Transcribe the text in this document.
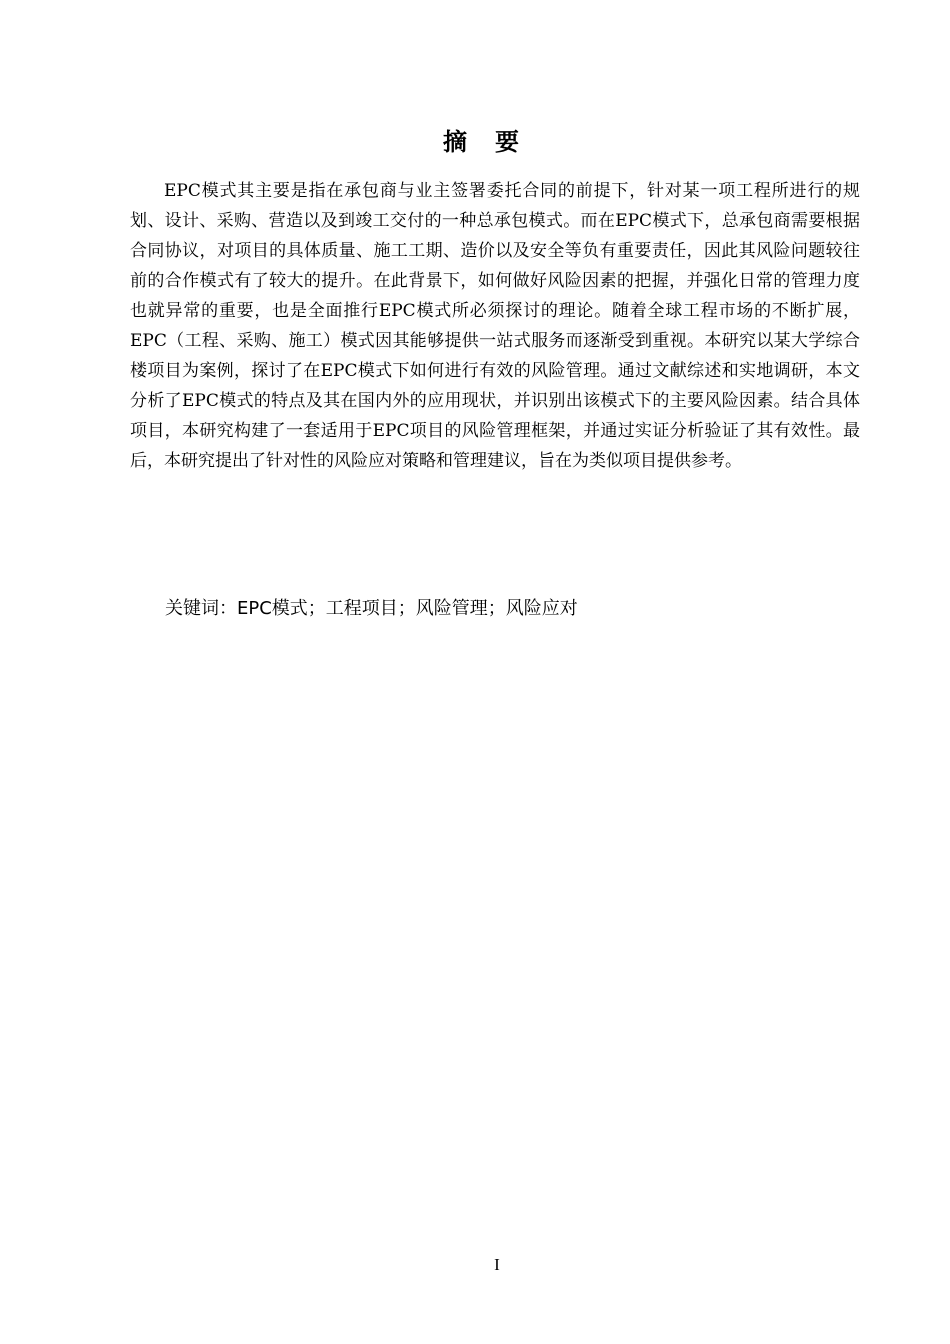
摘要

EPC模式其主要是指在承包商与业主签署委托合同的前提下，针对某一项工程所进行的规划、设计、采购、营造以及到竣工交付的一种总承包模式。而在EPC模式下，总承包商需要根据合同协议，对项目的具体质量、施工工期、造价以及安全等负有重要责任，因此其风险问题较往前的合作模式有了较大的提升。在此背景下，如何做好风险因素的把握，并强化日常的管理力度也就异常的重要，也是全面推行EPC模式所必须探讨的理论。随着全球工程市场的不断扩展，EPC（工程、采购、施工）模式因其能够提供一站式服务而逐渐受到重视。本研究以某大学综合楼项目为案例，探讨了在EPC模式下如何进行有效的风险管理。通过文献综述和实地调研，本文分析了EPC模式的特点及其在国内外的应用现状，并识别出该模式下的主要风险因素。结合具体项目，本研究构建了一套适用于EPC项目的风险管理框架，并通过实证分析验证了其有效性。最后，本研究提出了针对性的风险应对策略和管理建议，旨在为类似项目提供参考。

关键词：EPC模式；工程项目；风险管理；风险应对
I
